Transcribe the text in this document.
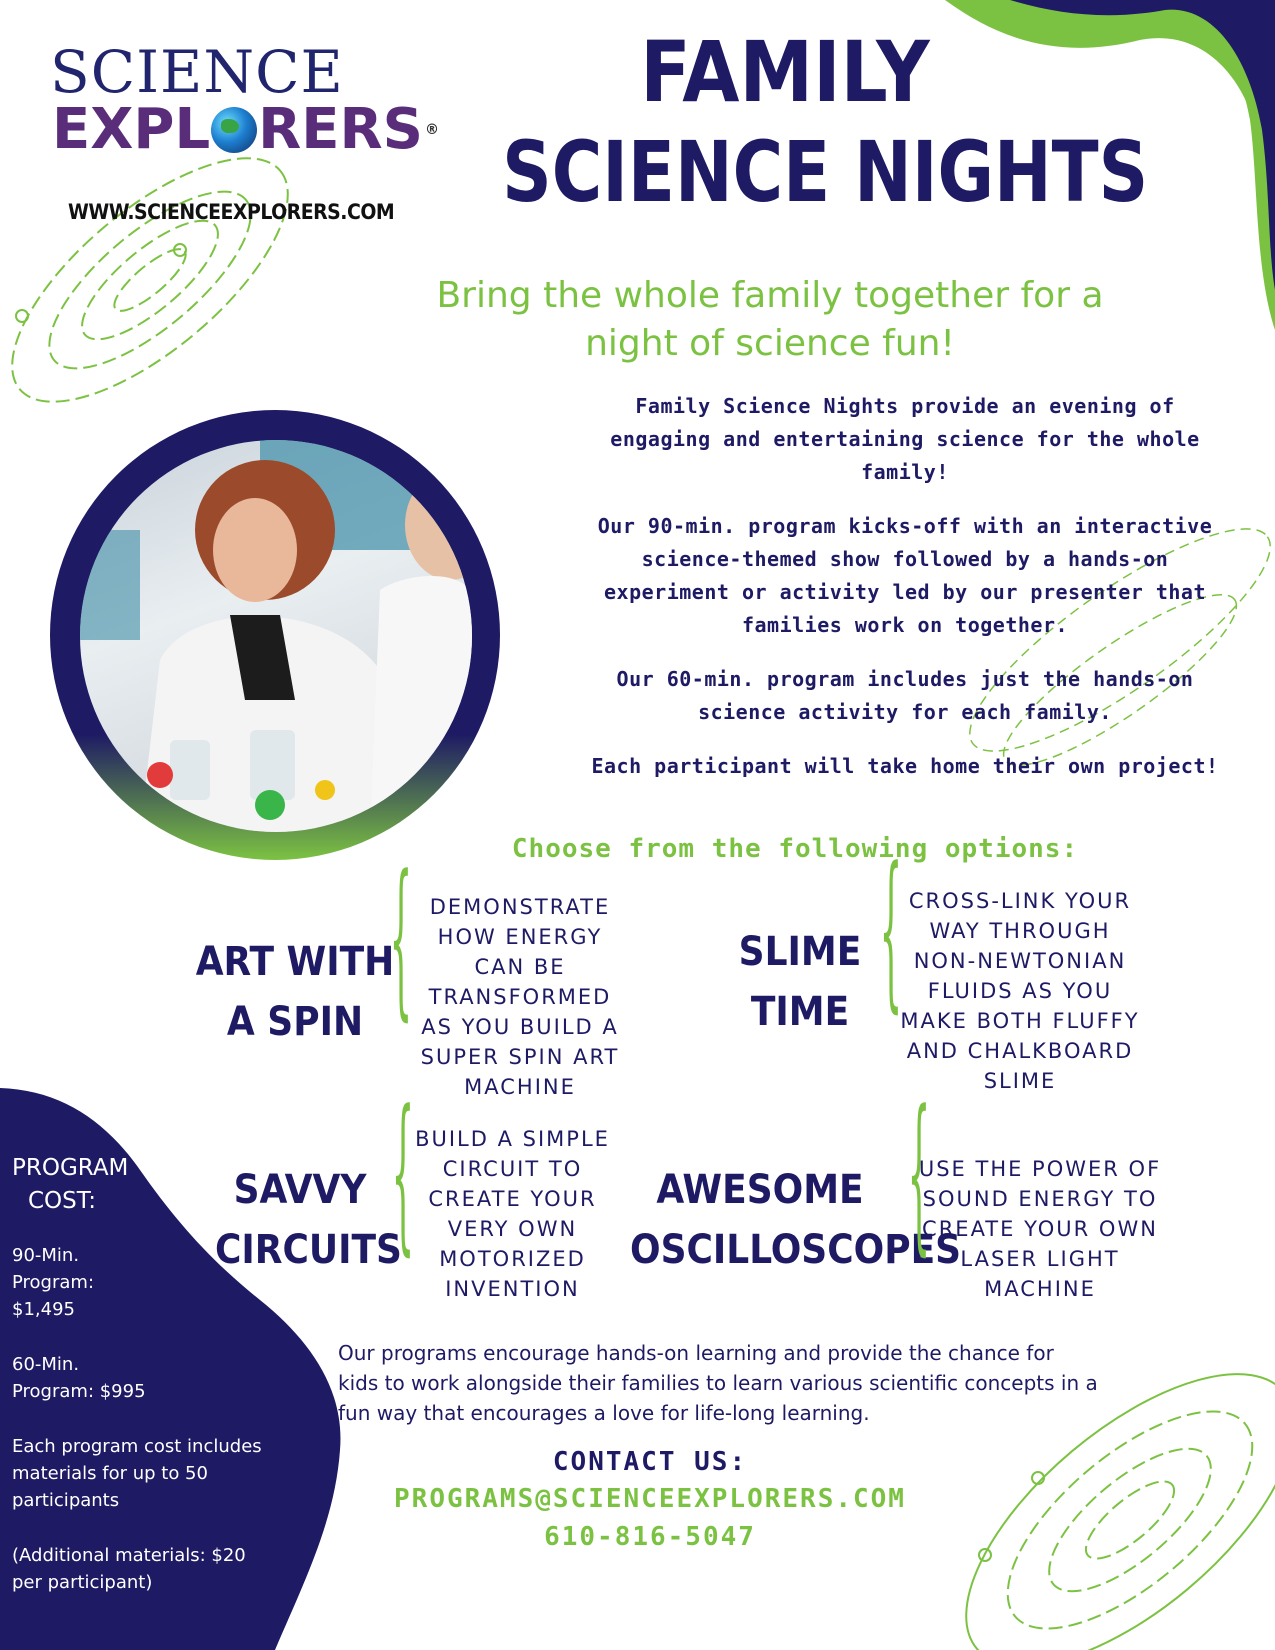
SCIENCE
EXPL RERS ®
WWW.SCIENCEEXPLORERS.COM
FAMILY
SCIENCE NIGHTS
Bring the whole family together for a
night of science fun!

Family Science Nights provide an evening of engaging and entertaining science for the whole family!

Our 90-min. program kicks-off with an interactive science-themed show followed by a hands-on experiment or activity led by our presenter that families work on together.

Our 60-min. program includes just the hands-on science activity for each family.

Each participant will take home their own project!

Choose from the following options:
ART WITH
A SPIN { DEMONSTRATE HOW ENERGY CAN BE TRANSFORMED AS YOU BUILD A SUPER SPIN ART MACHINE
SLIME
TIME { CROSS-LINK YOUR WAY THROUGH NON-NEWTONIAN FLUIDS AS YOU MAKE BOTH FLUFFY AND CHALKBOARD SLIME
SAVVY
CIRCUITS
{ BUILD A SIMPLE CIRCUIT TO CREATE YOUR VERY OWN MOTORIZED INVENTION
AWESOME
OSCILLOSCOPES
{
USE THE POWER OF SOUND ENERGY TO CREATE YOUR OWN LASER LIGHT MACHINE
PROGRAM COST:
90-Min. Program: $1,495
60-Min. Program: $995
Each program cost includes materials for up to 50 participants
(Additional materials: $20 per participant)
Our programs encourage hands-on learning and provide the chance for kids to work alongside their families to learn various scientific concepts in a fun way that encourages a love for life-long learning.
CONTACT US:
PROGRAMS@SCIENCEEXPLORERS.COM
610-816-5047
